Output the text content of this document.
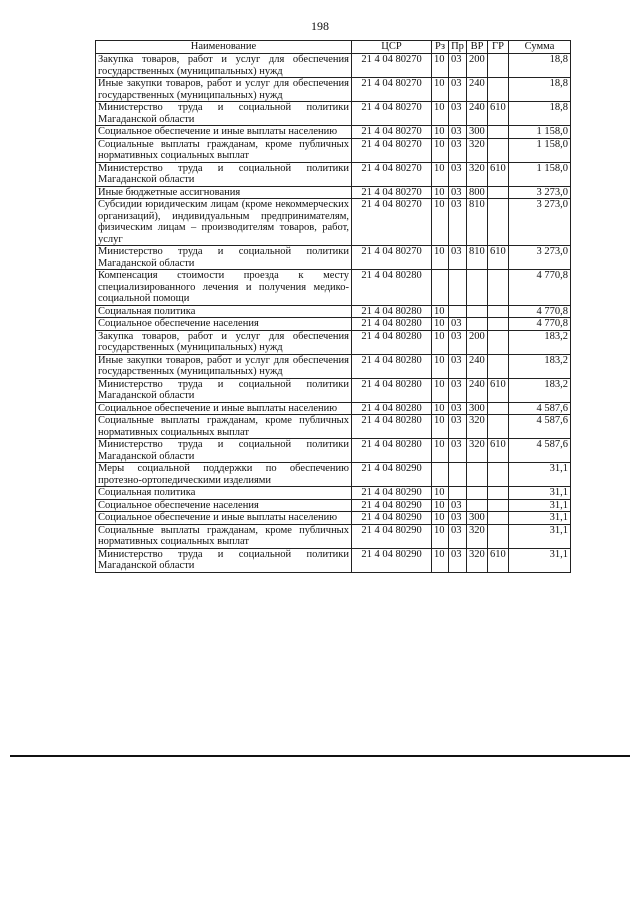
198
Наименование	ЦСР	Рз	Пр	ВР	ГР	Сумма
Закупка товаров, работ и услуг для обеспечения государственных (муниципальных) нужд	21 4 04 80270	10	03	200		18,8
Иные закупки товаров, работ и услуг для обеспечения государственных (муниципальных) нужд	21 4 04 80270	10	03	240		18,8
Министерство труда и социальной политики Магаданской области	21 4 04 80270	10	03	240	610	18,8
Социальное обеспечение и иные выплаты населению	21 4 04 80270	10	03	300		1 158,0
Социальные выплаты гражданам, кроме публичных нормативных социальных выплат	21 4 04 80270	10	03	320		1 158,0
Министерство труда и социальной политики Магаданской области	21 4 04 80270	10	03	320	610	1 158,0
Иные бюджетные ассигнования	21 4 04 80270	10	03	800		3 273,0
Субсидии юридическим лицам (кроме некоммерческих организаций), индивидуальным предпринимателям, физическим лицам – производителям товаров, работ, услуг	21 4 04 80270	10	03	810		3 273,0
Министерство труда и социальной политики Магаданской области	21 4 04 80270	10	03	810	610	3 273,0
Компенсация стоимости проезда к месту специализированного лечения и получения медико-социальной помощи	21 4 04 80280					4 770,8
Социальная политика	21 4 04 80280	10				4 770,8
Социальное обеспечение населения	21 4 04 80280	10	03			4 770,8
Закупка товаров, работ и услуг для обеспечения государственных (муниципальных) нужд	21 4 04 80280	10	03	200		183,2
Иные закупки товаров, работ и услуг для обеспечения государственных (муниципальных) нужд	21 4 04 80280	10	03	240		183,2
Министерство труда и социальной политики Магаданской области	21 4 04 80280	10	03	240	610	183,2
Социальное обеспечение и иные выплаты населению	21 4 04 80280	10	03	300		4 587,6
Социальные выплаты гражданам, кроме публичных нормативных социальных выплат	21 4 04 80280	10	03	320		4 587,6
Министерство труда и социальной политики Магаданской области	21 4 04 80280	10	03	320	610	4 587,6
Меры социальной поддержки по обеспечению протезно-ортопедическими изделиями	21 4 04 80290					31,1
Социальная политика	21 4 04 80290	10				31,1
Социальное обеспечение населения	21 4 04 80290	10	03			31,1
Социальное обеспечение и иные выплаты населению	21 4 04 80290	10	03	300		31,1
Социальные выплаты гражданам, кроме публичных нормативных социальных выплат	21 4 04 80290	10	03	320		31,1
Министерство труда и социальной политики Магаданской области	21 4 04 80290	10	03	320	610	31,1
